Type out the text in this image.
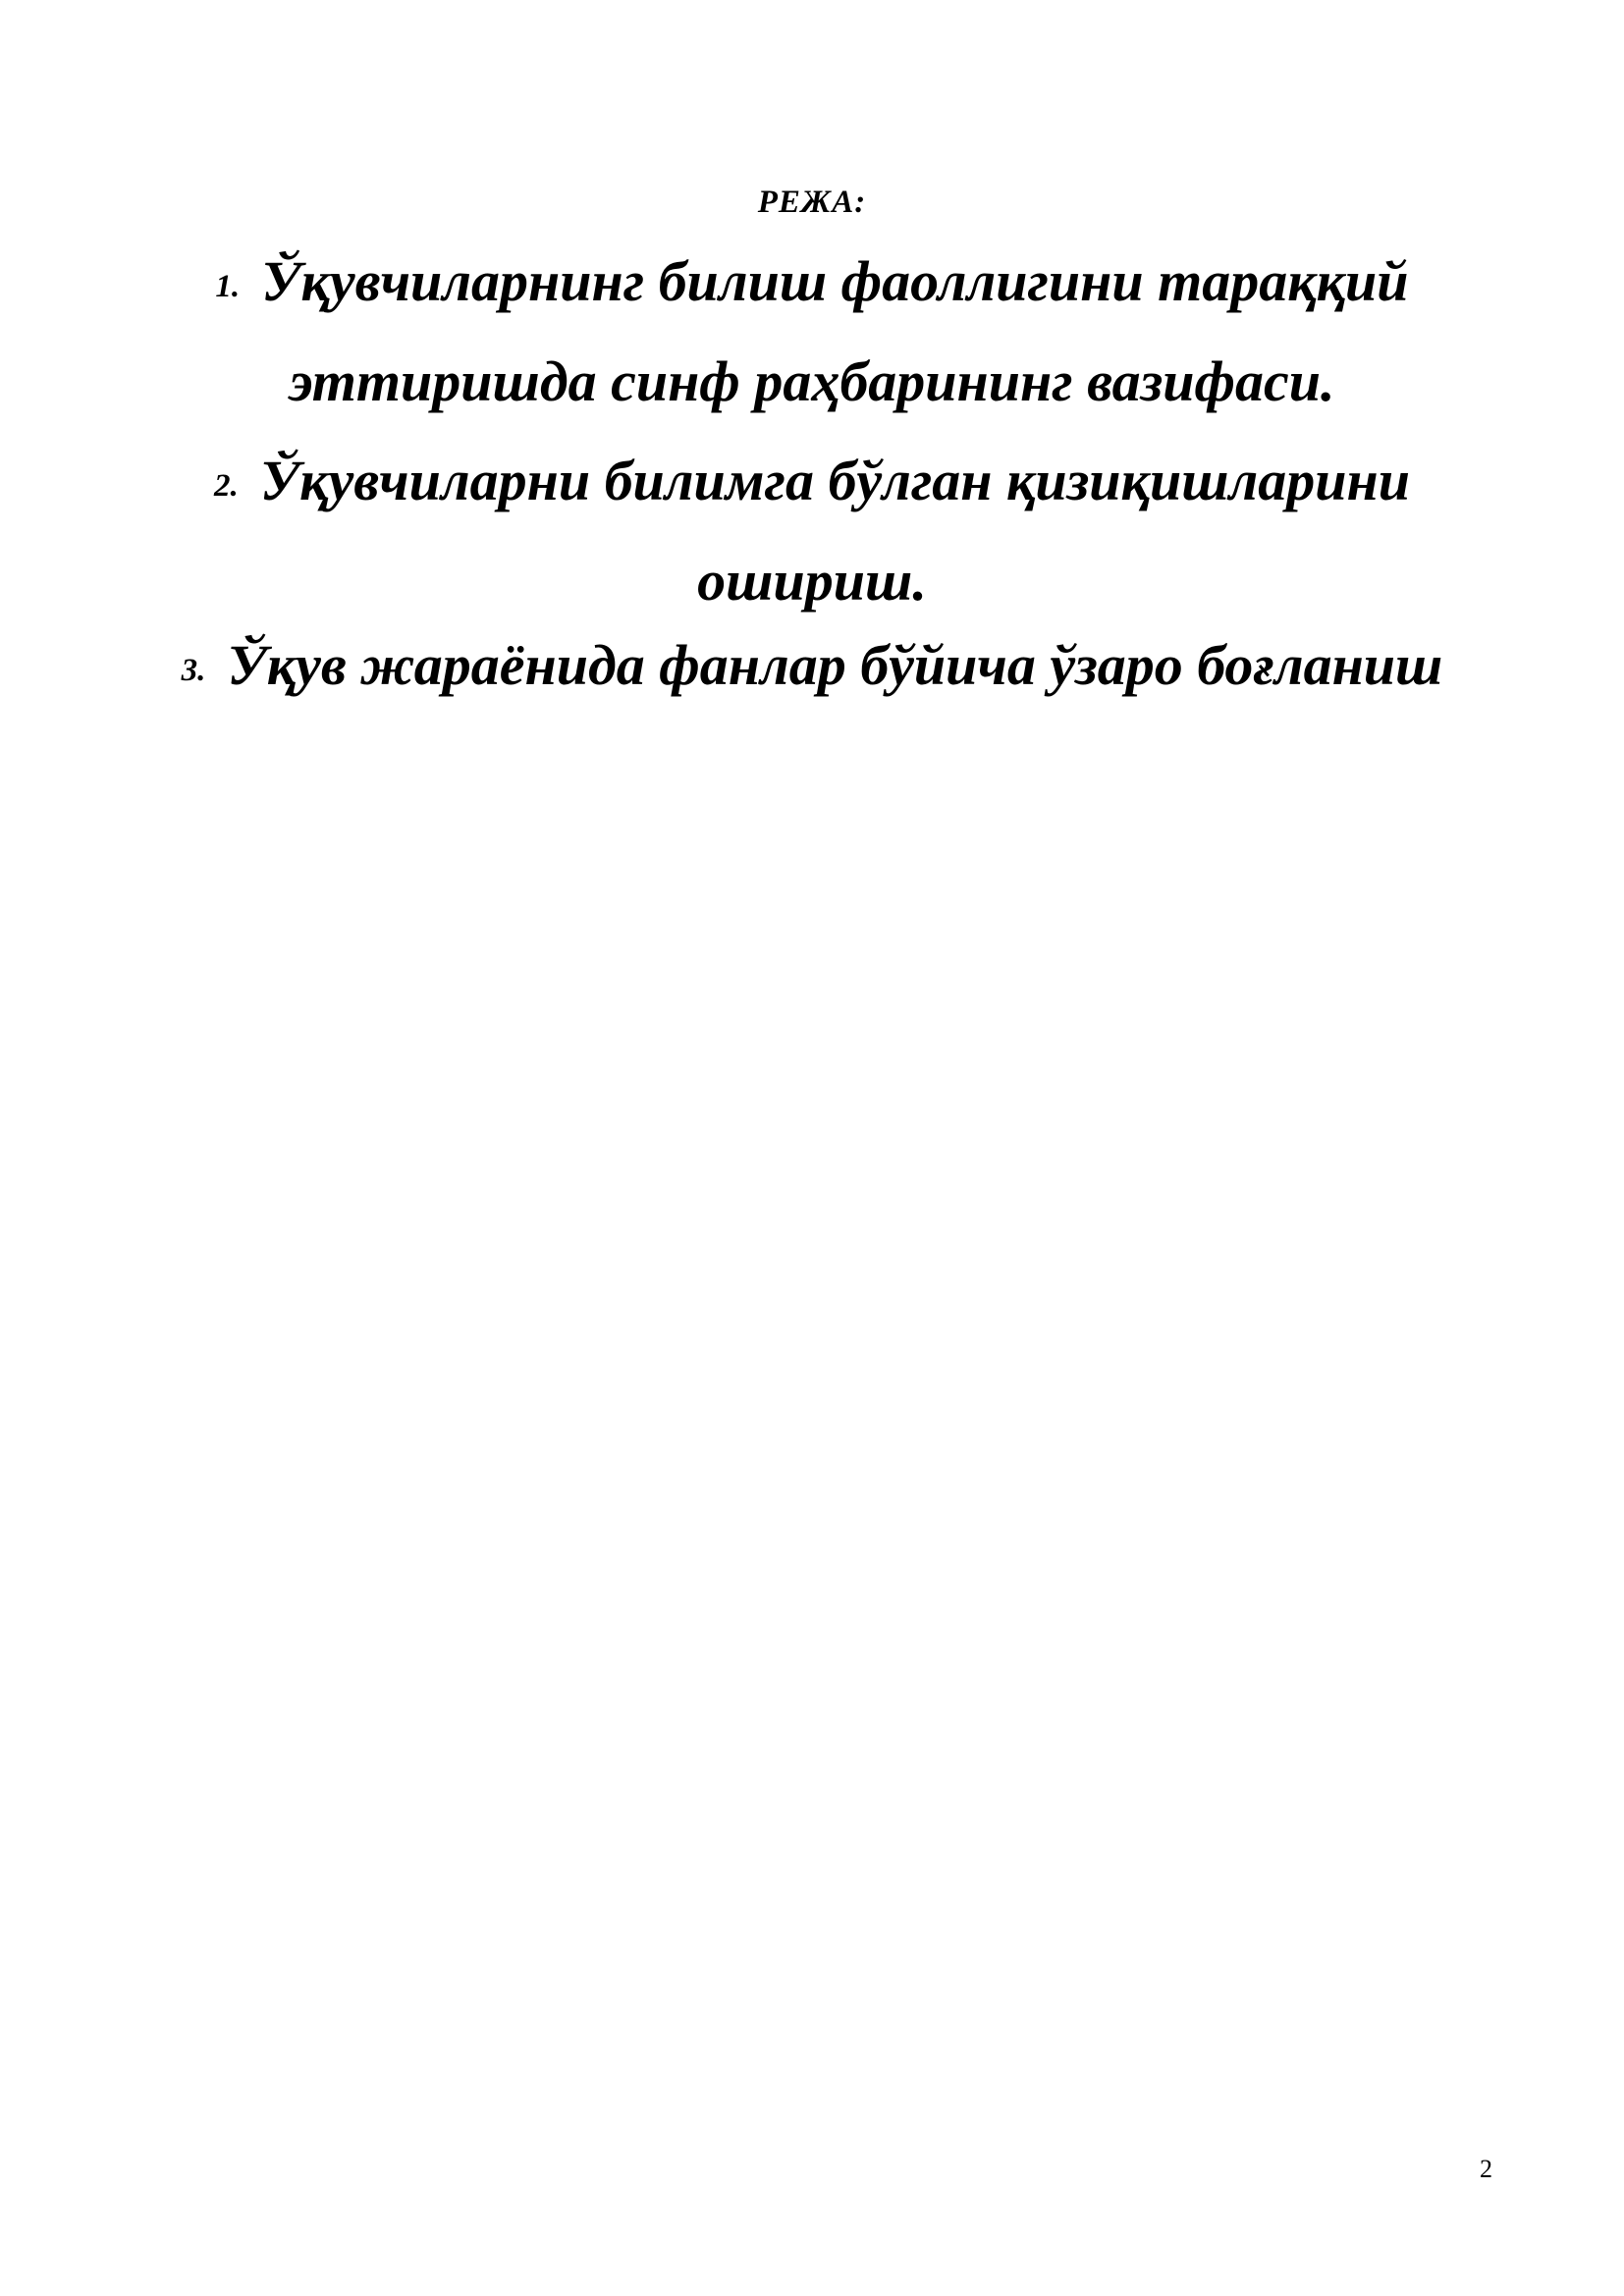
РЕЖА:
1. Ўқувчиларнинг билиш фаоллигини тараққий
эттиришда синф раҳбарининг вазифаси.
2. Ўқувчиларни билимга бўлган қизиқишларини
ошириш.
3. Ўқув жараёнида фанлар бўйича ўзаро боғланиш
2
